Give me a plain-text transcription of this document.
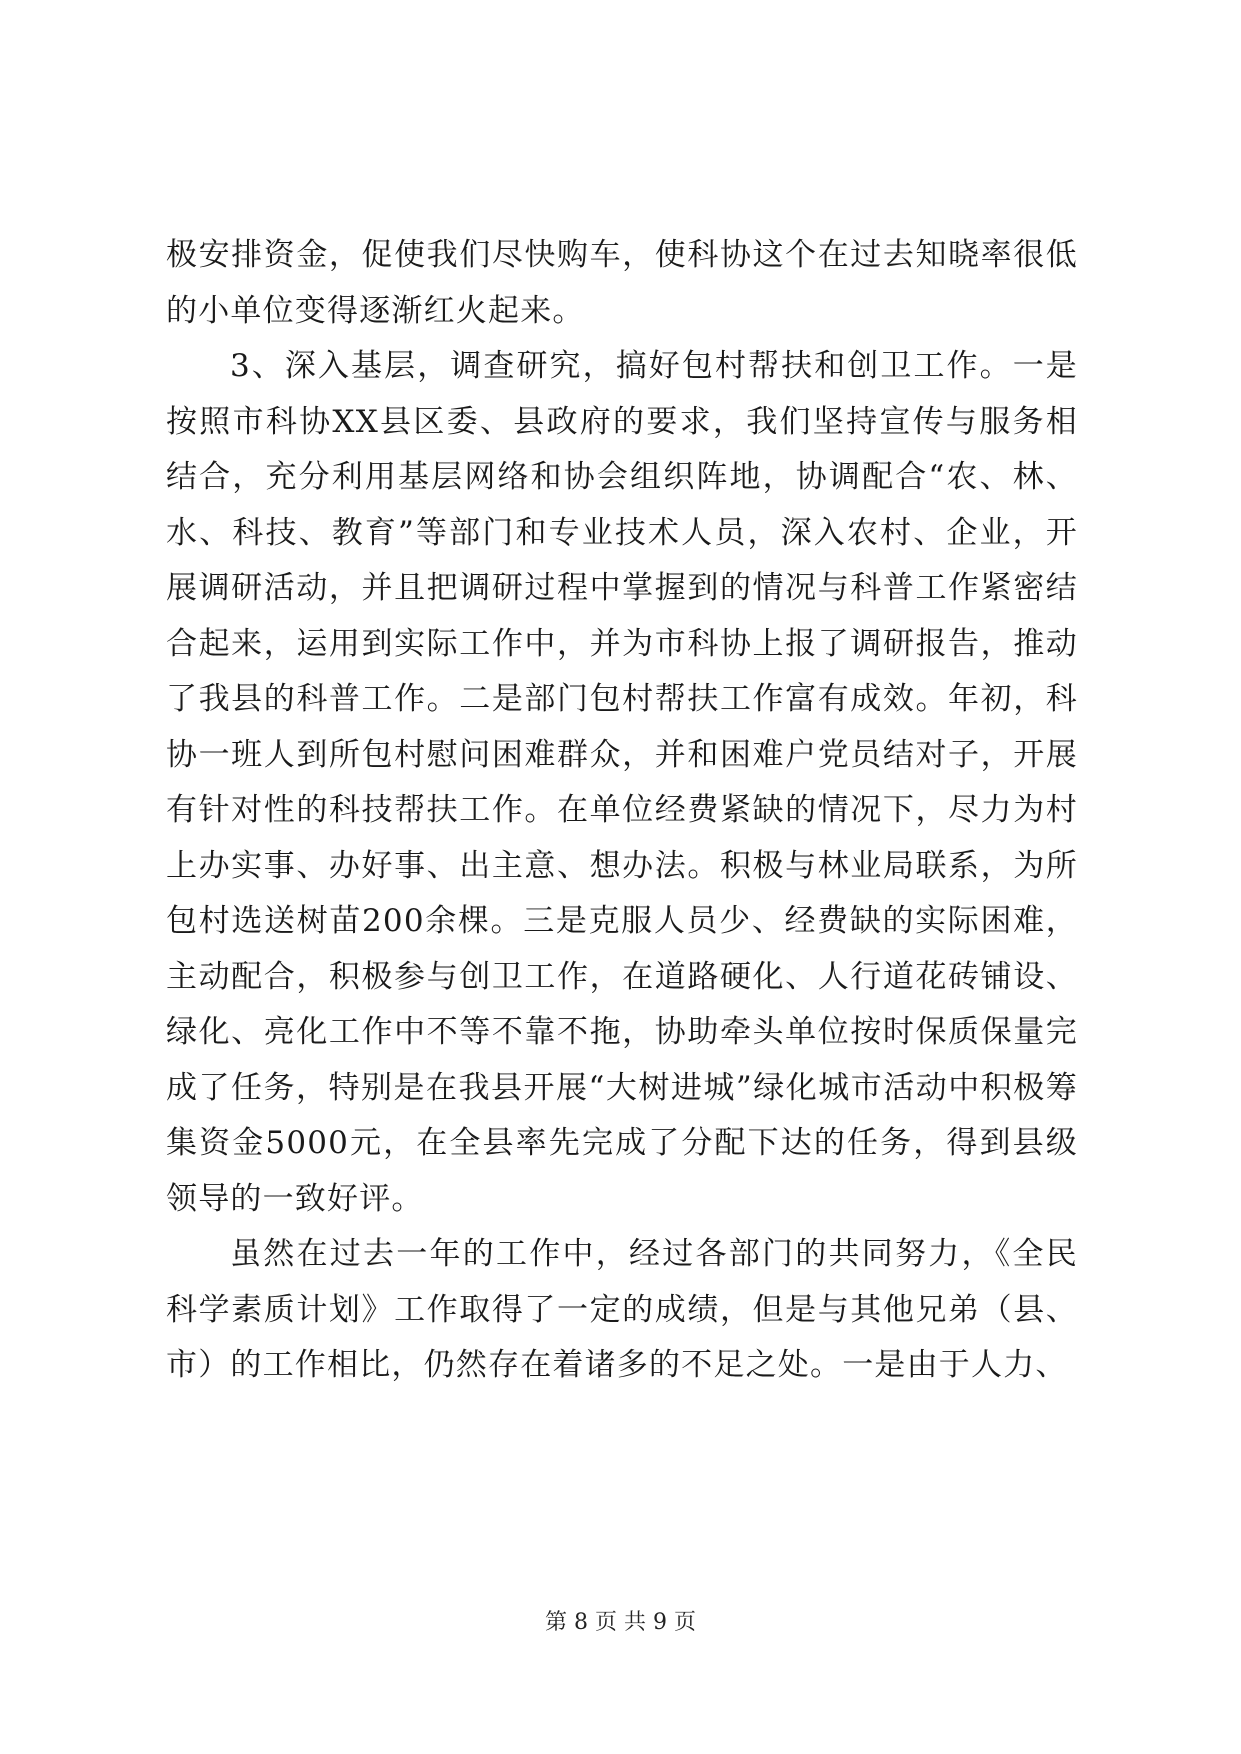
极安排资金，促使我们尽快购车，使科协这个在过去知晓率很低的小单位变得逐渐红火起来。

3、深入基层，调查研究，搞好包村帮扶和创卫工作。一是按照市科协XX县区委、县政府的要求，我们坚持宣传与服务相结合，充分利用基层网络和协会组织阵地，协调配合“农、林、水、科技、教育”等部门和专业技术人员，深入农村、企业，开展调研活动，并且把调研过程中掌握到的情况与科普工作紧密结合起来，运用到实际工作中，并为市科协上报了调研报告，推动了我县的科普工作。二是部门包村帮扶工作富有成效。年初，科协一班人到所包村慰问困难群众，并和困难户党员结对子，开展有针对性的科技帮扶工作。在单位经费紧缺的情况下，尽力为村上办实事、办好事、出主意、想办法。积极与林业局联系，为所包村选送树苗200余棵。三是克服人员少、经费缺的实际困难，主动配合，积极参与创卫工作，在道路硬化、人行道花砖铺设、绿化、亮化工作中不等不靠不拖，协助牵头单位按时保质保量完成了任务，特别是在我县开展“大树进城”绿化城市活动中积极筹集资金5000元，在全县率先完成了分配下达的任务，得到县级领导的一致好评。

虽然在过去一年的工作中，经过各部门的共同努力，《全民科学素质计划》工作取得了一定的成绩，但是与其他兄弟（县、市）的工作相比，仍然存在着诸多的不足之处。一是由于人力、

第 8 页 共 9 页
